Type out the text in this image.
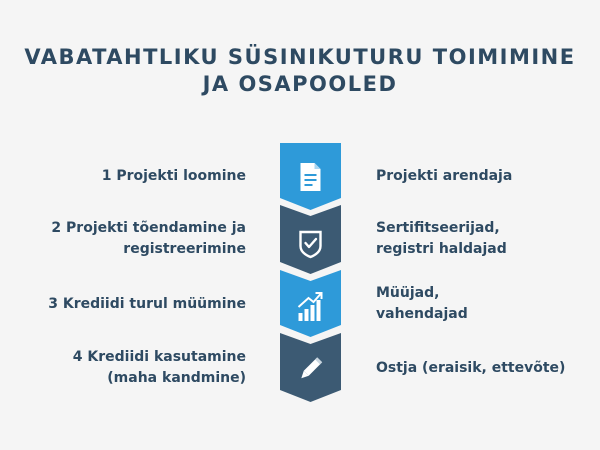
VABATAHTLIKU SÜSINIKUTURU TOIMIMINE
JA OSAPOOLED
1 Projekti loomine
2 Projekti tõendamine ja
registreerimine
3 Krediidi turul müümine
4 Krediidi kasutamine
(maha kandmine)
Projekti arendaja
Sertifitseerijad,
registri haldajad
Müüjad,
vahendajad
Ostja (eraisik, ettevõte)
